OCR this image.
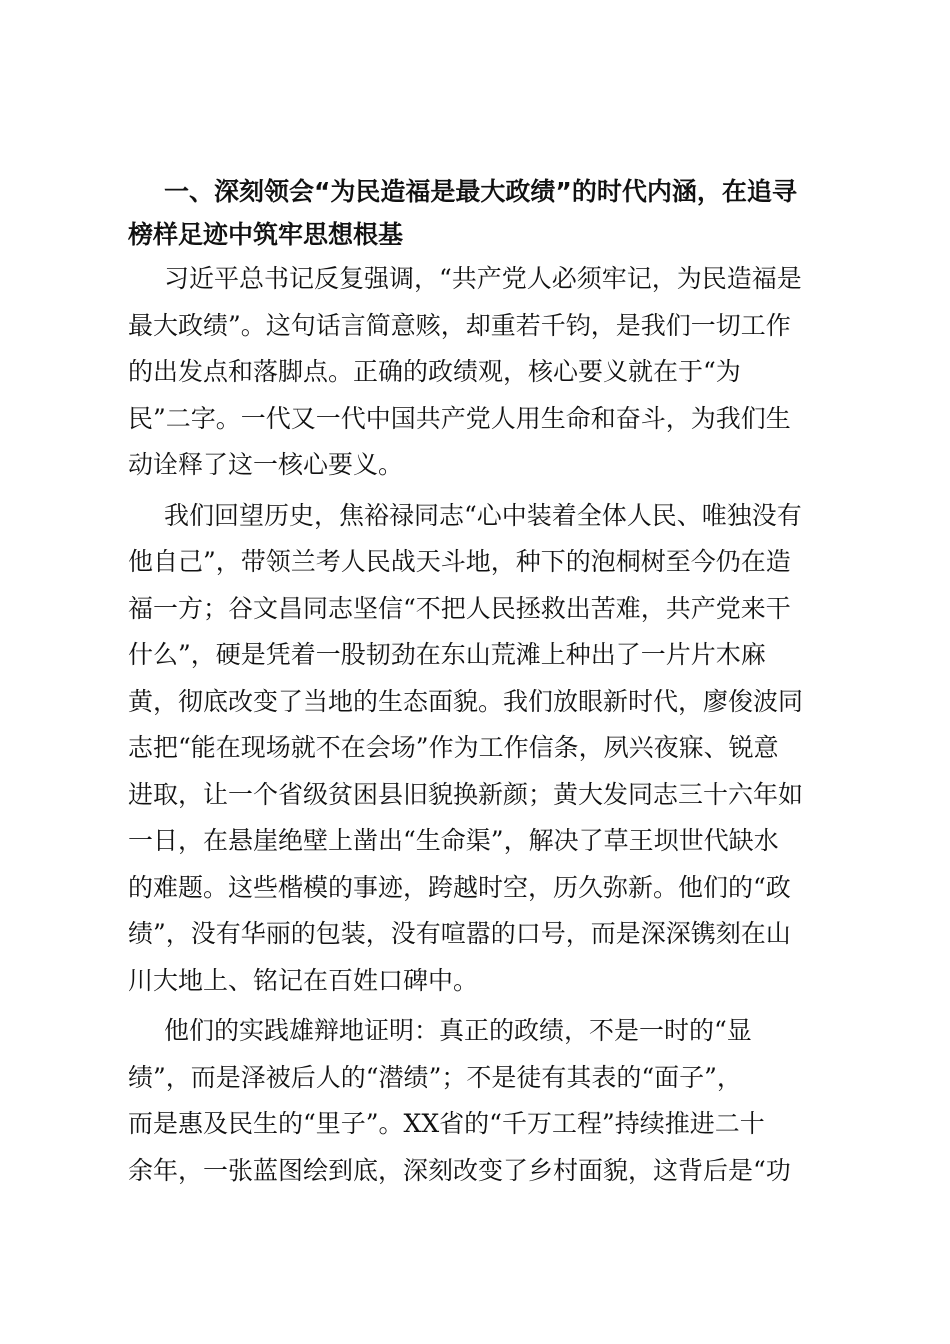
一、深刻领会“为民造福是最大政绩”的时代内涵，在追寻
榜样足迹中筑牢思想根基
习近平总书记反复强调，“共产党人必须牢记，为民造福是
最大政绩”。这句话言简意赅，却重若千钧，是我们一切工作
的出发点和落脚点。正确的政绩观，核心要义就在于“为
民”二字。一代又一代中国共产党人用生命和奋斗，为我们生
动诠释了这一核心要义。
我们回望历史，焦裕禄同志“心中装着全体人民、唯独没有
他自己”，带领兰考人民战天斗地，种下的泡桐树至今仍在造
福一方；谷文昌同志坚信“不把人民拯救出苦难，共产党来干
什么”，硬是凭着一股韧劲在东山荒滩上种出了一片片木麻
黄，彻底改变了当地的生态面貌。我们放眼新时代，廖俊波同
志把“能在现场就不在会场”作为工作信条，夙兴夜寐、锐意
进取，让一个省级贫困县旧貌换新颜；黄大发同志三十六年如
一日，在悬崖绝壁上凿出“生命渠”，解决了草王坝世代缺水
的难题。这些楷模的事迹，跨越时空，历久弥新。他们的“政
绩”，没有华丽的包装，没有喧嚣的口号，而是深深镌刻在山
川大地上、铭记在百姓口碑中。
他们的实践雄辩地证明：真正的政绩，不是一时的“显
绩”，而是泽被后人的“潜绩”；不是徒有其表的“面子”，
而是惠及民生的“里子”。XX省的“千万工程”持续推进二十
余年，一张蓝图绘到底，深刻改变了乡村面貌，这背后是“功
